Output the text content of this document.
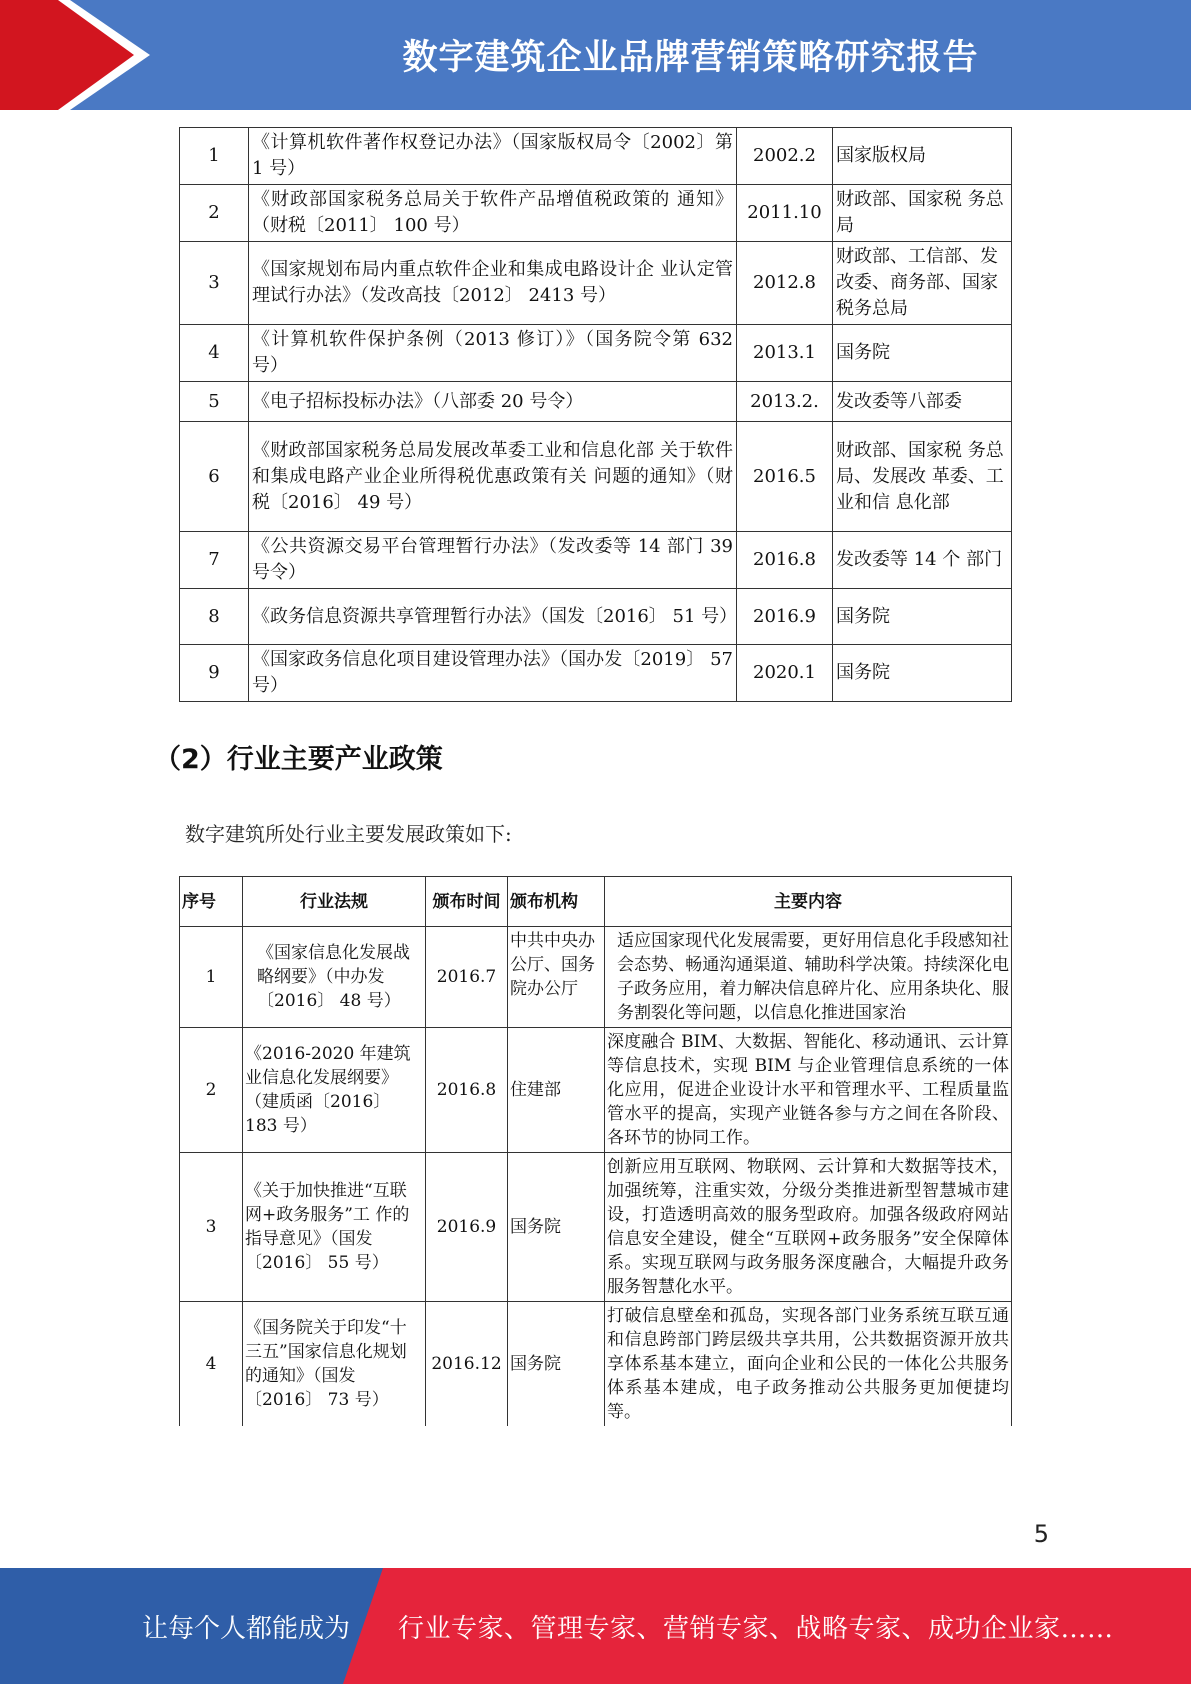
数字建筑企业品牌营销策略研究报告
1	《计算机软件著作权登记办法》（国家版权局令〔2002〕第 1 号）	2002.2	国家版权局
2	《财政部国家税务总局关于软件产品增值税政策的 通知》（财税〔2011〕 100 号）	2011.10	财政部、国家税 务总局
3	《国家规划布局内重点软件企业和集成电路设计企 业认定管理试行办法》（发改高技〔2012〕 2413 号）	2012.8	财政部、工信部、发改委、商务部、国家税务总局
4	《计算机软件保护条例（2013 修订）》（国务院令第 632 号）	2013.1	国务院
5	《电子招标投标办法》（八部委 20 号令）	2013.2.	发改委等八部委
6	《财政部国家税务总局发展改革委工业和信息化部 关于软件和集成电路产业企业所得税优惠政策有关 问题的通知》（财税〔2016〕 49 号）	2016.5	财政部、国家税 务总局、发展改 革委、工业和信 息化部
7	《公共资源交易平台管理暂行办法》（发改委等 14 部门 39 号令）	2016.8	发改委等 14 个 部门
8	《政务信息资源共享管理暂行办法》（国发〔2016〕 51 号）	2016.9	国务院
9	《国家政务信息化项目建设管理办法》（国办发〔2019〕 57 号）	2020.1	国务院
（2）行业主要产业政策
数字建筑所处行业主要发展政策如下:
序号	行业法规	颁布时间	颁布机构	主要内容
1	《国家信息化发展战略纲要》（中办发〔2016〕 48 号）	2016.7	中共中央办公厅、国务院办公厅	适应国家现代化发展需要，更好用信息化手段感知社会态势、畅通沟通渠道、辅助科学决策。持续深化电子政务应用，着力解决信息碎片化、应用条块化、服务割裂化等问题，以信息化推进国家治
2	《2016-2020 年建筑 业信息化发展纲要》（建质函〔2016〕 183 号）	2016.8	住建部	深度融合 BIM、大数据、智能化、移动通讯、云计算等信息技术，实现 BIM 与企业管理信息系统的一体化应用，促进企业设计水平和管理水平、工程质量监管水平的提高，实现产业链各参与方之间在各阶段、各环节的协同工作。
3	《关于加快推进“互联网+政务服务”工 作的指导意见》（国发〔2016〕 55 号）	2016.9	国务院	创新应用互联网、物联网、云计算和大数据等技术，加强统筹，注重实效，分级分类推进新型智慧城市建设，打造透明高效的服务型政府。加强各级政府网站信息安全建设，健全“互联网+政务服务”安全保障体系。实现互联网与政务服务深度融合，大幅提升政务服务智慧化水平。
4	《国务院关于印发“十三五”国家信息化规划的通知》（国发〔2016〕 73 号）	2016.12	国务院	打破信息壁垒和孤岛，实现各部门业务系统互联互通和信息跨部门跨层级共享共用，公共数据资源开放共享体系基本建立，面向企业和公民的一体化公共服务体系基本建成，电子政务推动公共服务更加便捷均等。
5
让每个人都能成为 行业专家、管理专家、营销专家、战略专家、成功企业家……
